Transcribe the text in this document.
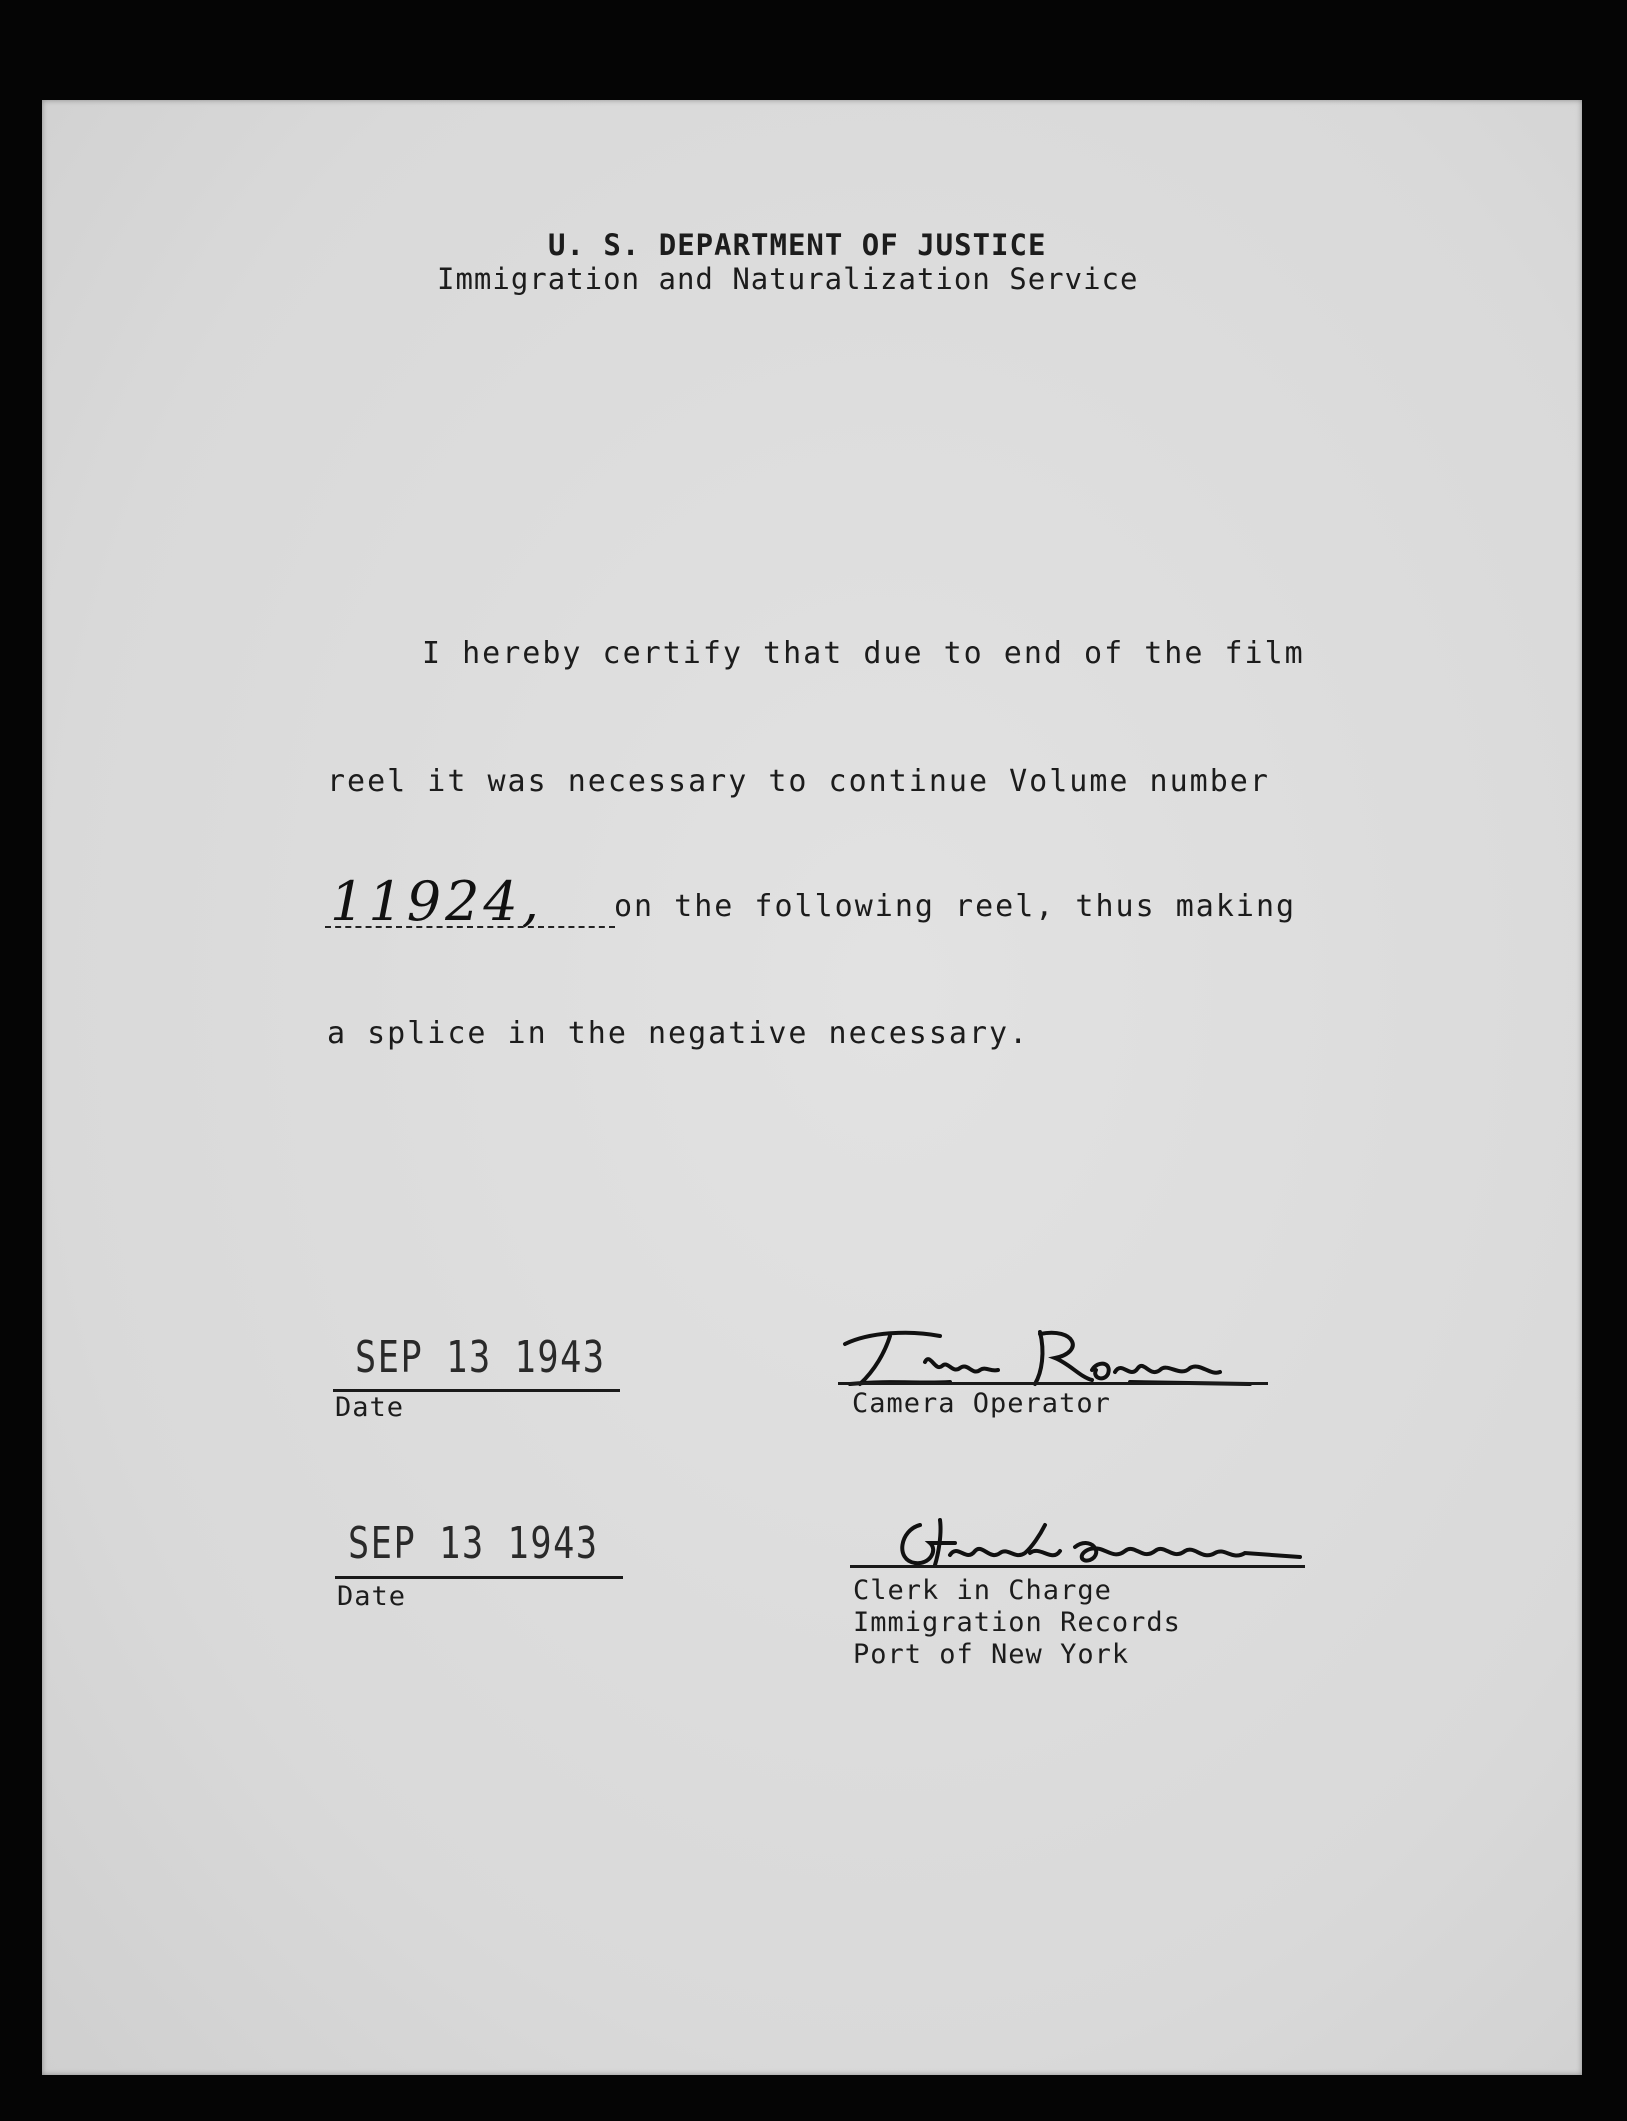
U. S. DEPARTMENT OF JUSTICE
Immigration and Naturalization Service
I hereby certify that due to end of the film
reel it was necessary to continue Volume number
11924, on the following reel, thus making
a splice in the negative necessary.
SEP 13 1943
Date	Camera Operator
SEP 13 1943
Date	Clerk in Charge
Immigration Records
Port of New York
